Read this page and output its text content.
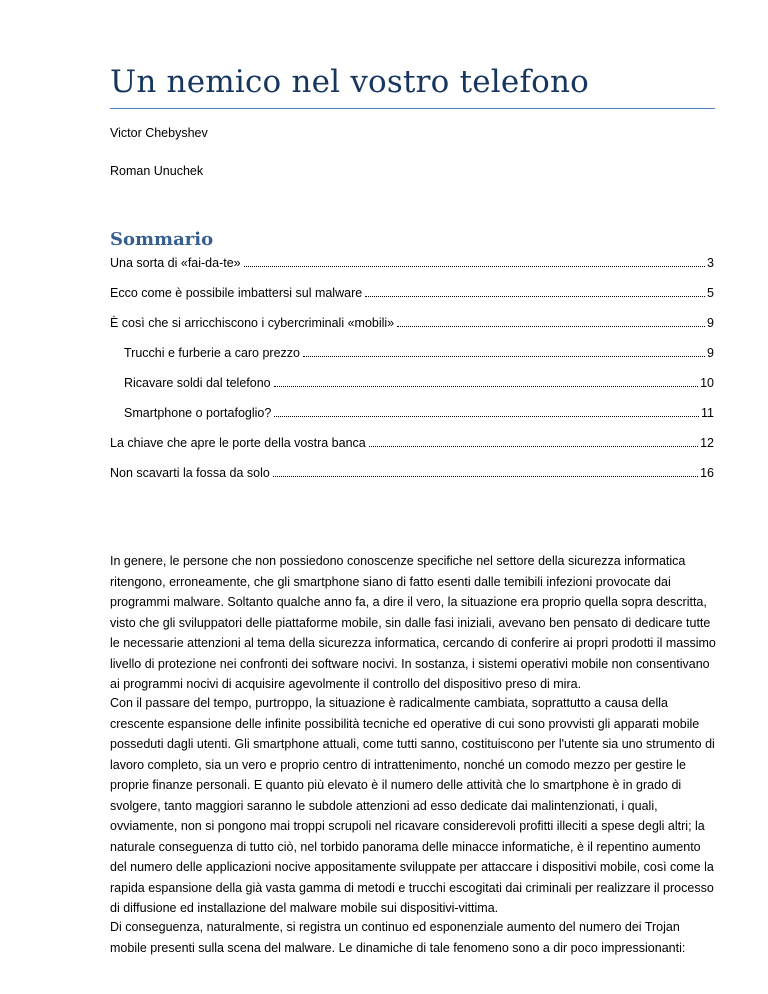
Un nemico nel vostro telefono
Victor Chebyshev
Roman Unuchek
Sommario
Una sorta di «fai-da-te»	3
Ecco come è possibile imbattersi sul malware	5
È così che si arricchiscono i cybercriminali «mobili»	9
Trucchi e furberie a caro prezzo	9
Ricavare soldi dal telefono	10
Smartphone o portafoglio?	11
La chiave che apre le porte della vostra banca	12
Non scavarti la fossa da solo	16

In genere, le persone che non possiedono conoscenze specifiche nel settore della sicurezza informatica ritengono, erroneamente, che gli smartphone siano di fatto esenti dalle temibili infezioni provocate dai programmi malware. Soltanto qualche anno fa, a dire il vero, la situazione era proprio quella sopra descritta, visto che gli sviluppatori delle piattaforme mobile, sin dalle fasi iniziali, avevano ben pensato di dedicare tutte le necessarie attenzioni al tema della sicurezza informatica, cercando di conferire ai propri prodotti il massimo livello di protezione nei confronti dei software nocivi. In sostanza, i sistemi operativi mobile non consentivano ai programmi nocivi di acquisire agevolmente il controllo del dispositivo preso di mira.

Con il passare del tempo, purtroppo, la situazione è radicalmente cambiata, soprattutto a causa della crescente espansione delle infinite possibilità tecniche ed operative di cui sono provvisti gli apparati mobile posseduti dagli utenti. Gli smartphone attuali, come tutti sanno, costituiscono per l'utente sia uno strumento di lavoro completo, sia un vero e proprio centro di intrattenimento, nonché un comodo mezzo per gestire le proprie finanze personali. E quanto più elevato è il numero delle attività che lo smartphone è in grado di svolgere, tanto maggiori saranno le subdole attenzioni ad esso dedicate dai malintenzionati, i quali, ovviamente, non si pongono mai troppi scrupoli nel ricavare considerevoli profitti illeciti a spese degli altri; la naturale conseguenza di tutto ciò, nel torbido panorama delle minacce informatiche, è il repentino aumento del numero delle applicazioni nocive appositamente sviluppate per attaccare i dispositivi mobile, così come la rapida espansione della già vasta gamma di metodi e trucchi escogitati dai criminali per realizzare il processo di diffusione ed installazione del malware mobile sui dispositivi-vittima.

Di conseguenza, naturalmente, si registra un continuo ed esponenziale aumento del numero dei Trojan mobile presenti sulla scena del malware. Le dinamiche di tale fenomeno sono a dir poco impressionanti:
